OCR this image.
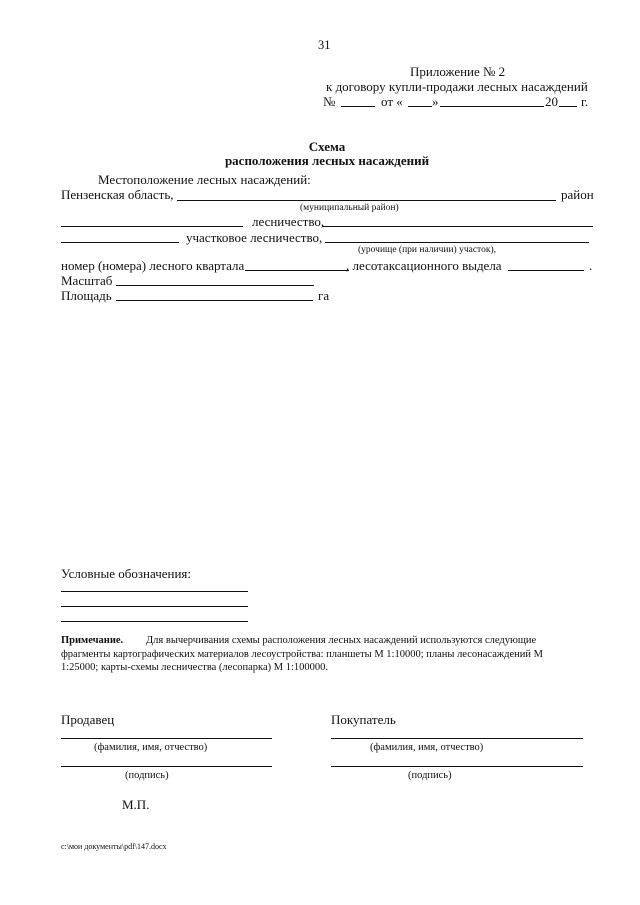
31
Приложение № 2
к договору купли-продажи лесных насаждений
№	от « »	20 г.
Схема
расположения лесных насаждений
Местоположение лесных насаждений:
Пензенская область,	район
(муниципальный район)
лесничество,
участковое лесничество,
(урочище (при наличии) участок),
номер (номера) лесного квартала	, лесотаксационного выдела	.
Масштаб
Площадь	га
Условные обозначения:
Примечание. Для вычерчивания схемы расположения лесных насаждений используются следующие
фрагменты картографических материалов лесоустройства: планшеты М 1:10000; планы лесонасаждений М
1:25000; карты-схемы лесничества (лесопарка) М 1:100000.
Продавец	Покупатель
(фамилия, имя, отчество)	(фамилия, имя, отчество)
(подпись)	(подпись)
М.П.
c:\мои документы\pdf\147.docx
